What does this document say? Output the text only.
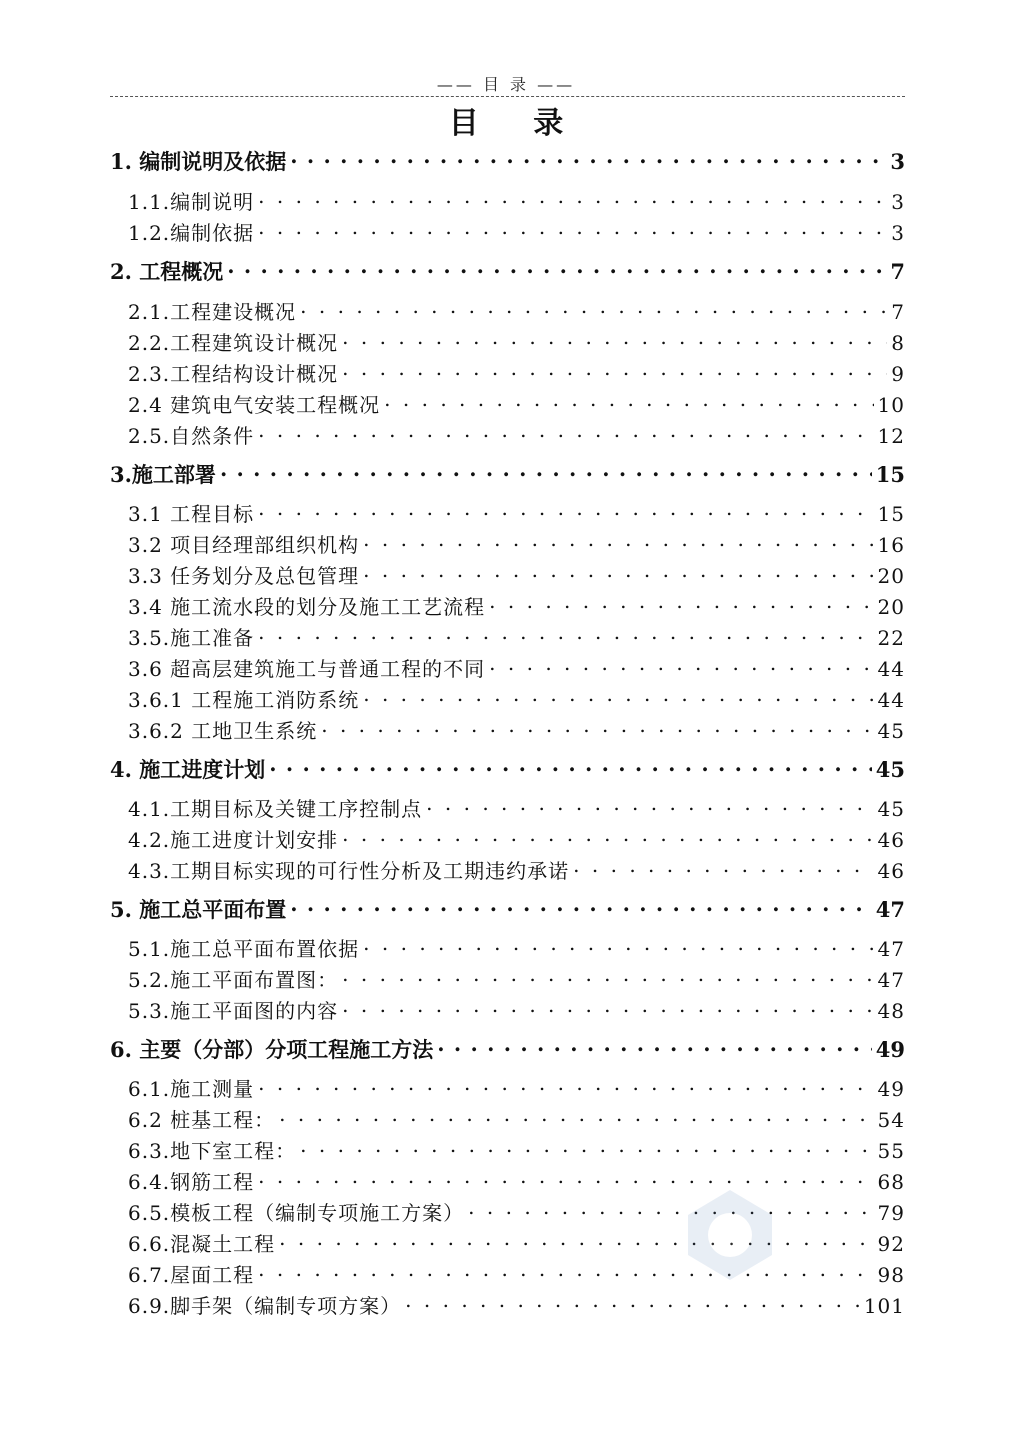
—— 目 录 ——
目 录
1. 编制说明及依据 . . .	3
1.1.编制说明 . . .	3
1.2.编制依据 . . .	3
2. 工程概况 . . .	7
2.1.工程建设概况 . . .	7
2.2.工程建筑设计概况 . . .	8
2.3.工程结构设计概况 . . .	9
2.4 建筑电气安装工程概况 . . .	10
2.5.自然条件 . . .	12
3.施工部署 . . .	15
3.1 工程目标 . . .	15
3.2 项目经理部组织机构 . . .	16
3.3 任务划分及总包管理 . . .	20
3.4 施工流水段的划分及施工工艺流程 . . .	20
3.5.施工准备 . . .	22
3.6 超高层建筑施工与普通工程的不同 . . .	44
3.6.1 工程施工消防系统 . . .	44
3.6.2 工地卫生系统 . . .	45
4. 施工进度计划 . . .	45
4.1.工期目标及关键工序控制点 . . .	45
4.2.施工进度计划安排 . . .	46
4.3.工期目标实现的可行性分析及工期违约承诺 . . .	46
5. 施工总平面布置 . . .	47
5.1.施工总平面布置依据 . . .	47
5.2.施工平面布置图： . . .	47
5.3.施工平面图的内容 . . .	48
6. 主要（分部）分项工程施工方法 . . .	49
6.1.施工测量 . . .	49
6.2 桩基工程： . . .	54
6.3.地下室工程： . . .	55
6.4.钢筋工程 . . .	68
6.5.模板工程（编制专项施工方案） . . .	79
6.6.混凝土工程 . . .	92
6.7.屋面工程 . . .	98
6.9.脚手架（编制专项方案） . . .	101
